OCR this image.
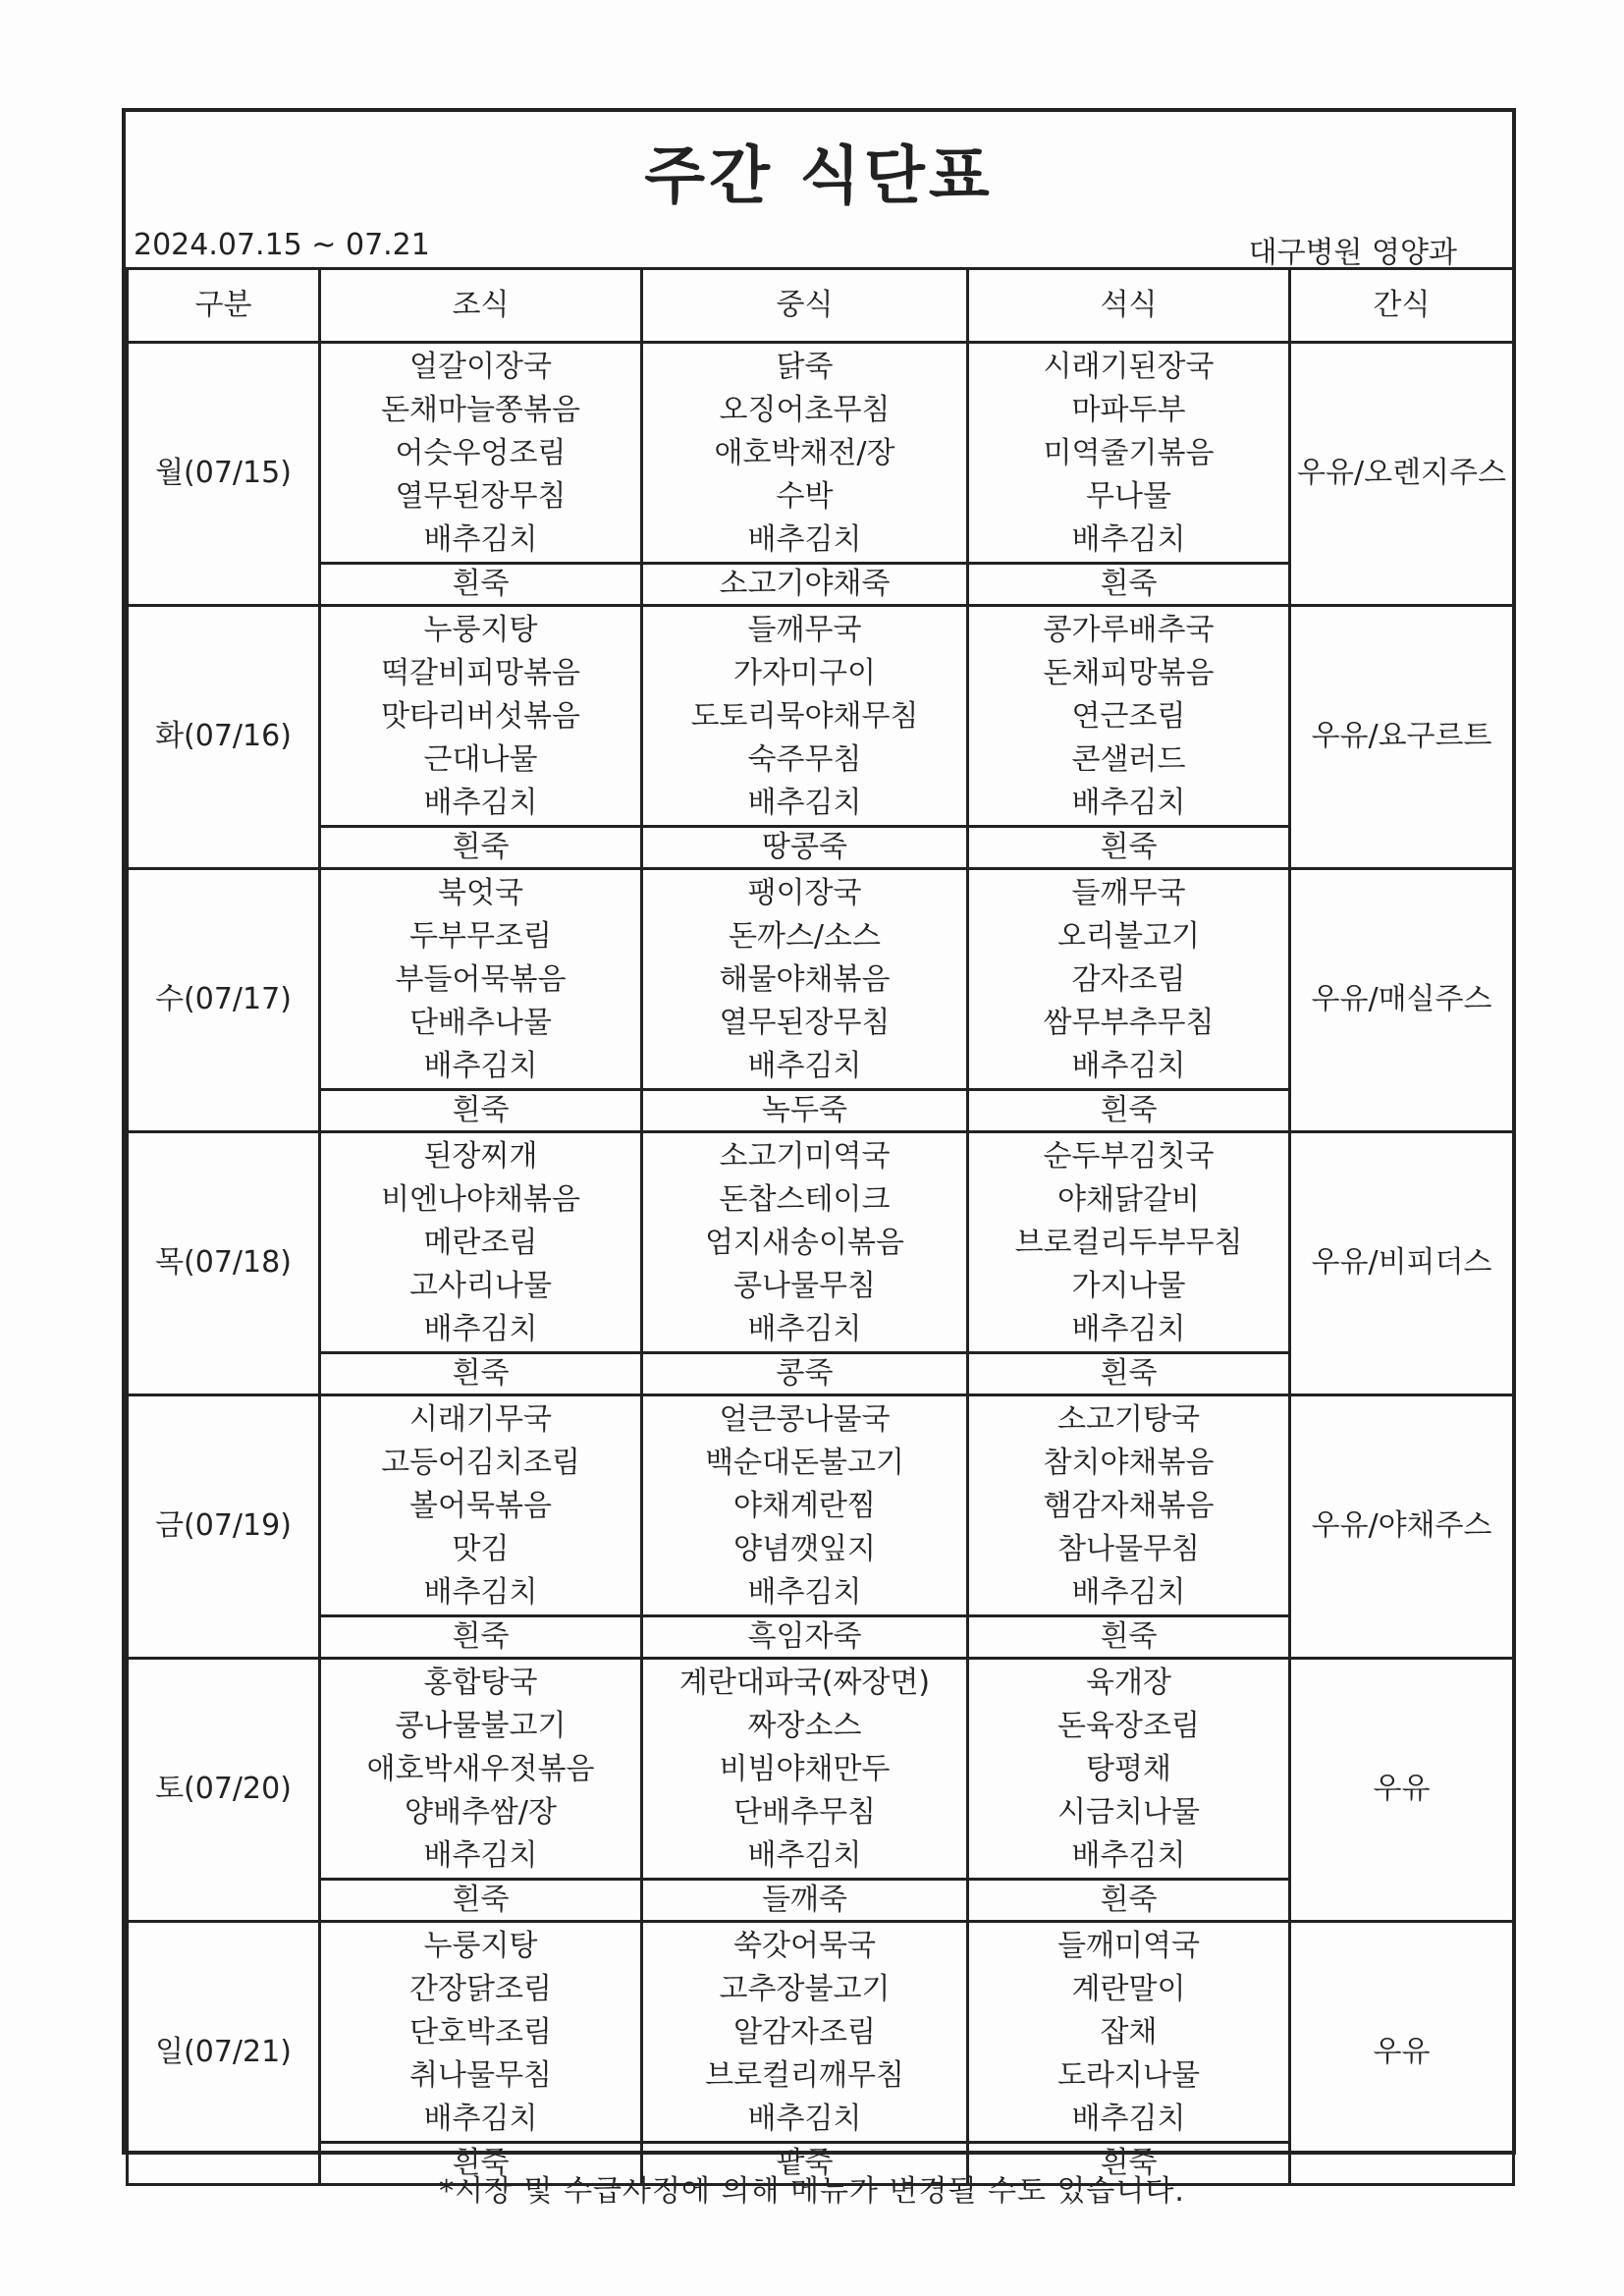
주간 식단표
2024.07.15 ~ 07.21	대구병원 영양과
구분	조식	중식	석식	간식
월(07/15)	얼갈이장국
돈채마늘쫑볶음
어슷우엉조림
열무된장무침
배추김치	닭죽
오징어초무침
애호박채전/장
수박
배추김치	시래기된장국
마파두부
미역줄기볶음
무나물
배추김치	우유/오렌지주스
	흰죽	소고기야채죽	흰죽	
화(07/16)	누룽지탕
떡갈비피망볶음
맛타리버섯볶음
근대나물
배추김치	들깨무국
가자미구이
도토리묵야채무침
숙주무침
배추김치	콩가루배추국
돈채피망볶음
연근조림
콘샐러드
배추김치	우유/요구르트
	흰죽	땅콩죽	흰죽	
수(07/17)	북엇국
두부무조림
부들어묵볶음
단배추나물
배추김치	팽이장국
돈까스/소스
해물야채볶음
열무된장무침
배추김치	들깨무국
오리불고기
감자조림
쌈무부추무침
배추김치	우유/매실주스
	흰죽	녹두죽	흰죽	
목(07/18)	된장찌개
비엔나야채볶음
메란조림
고사리나물
배추김치	소고기미역국
돈찹스테이크
엄지새송이볶음
콩나물무침
배추김치	순두부김칫국
야채닭갈비
브로컬리두부무침
가지나물
배추김치	우유/비피더스
	흰죽	콩죽	흰죽	
금(07/19)	시래기무국
고등어김치조림
볼어묵볶음
맛김
배추김치	얼큰콩나물국
백순대돈불고기
야채계란찜
양념깻잎지
배추김치	소고기탕국
참치야채볶음
햄감자채볶음
참나물무침
배추김치	우유/야채주스
	흰죽	흑임자죽	흰죽	
토(07/20)	홍합탕국
콩나물불고기
애호박새우젓볶음
양배추쌈/장
배추김치	계란대파국(짜장면)
짜장소스
비빔야채만두
단배추무침
배추김치	육개장
돈육장조림
탕평채
시금치나물
배추김치	우유
	흰죽	들깨죽	흰죽	
일(07/21)	누룽지탕
간장닭조림
단호박조림
취나물무침
배추김치	쑥갓어묵국
고추장불고기
알감자조림
브로컬리깨무침
배추김치	들깨미역국
계란말이
잡채
도라지나물
배추김치	우유
	흰죽	팥죽	흰죽	
*시장 및 수급사정에 의해 메뉴가 변경될 수도 있습니다.
